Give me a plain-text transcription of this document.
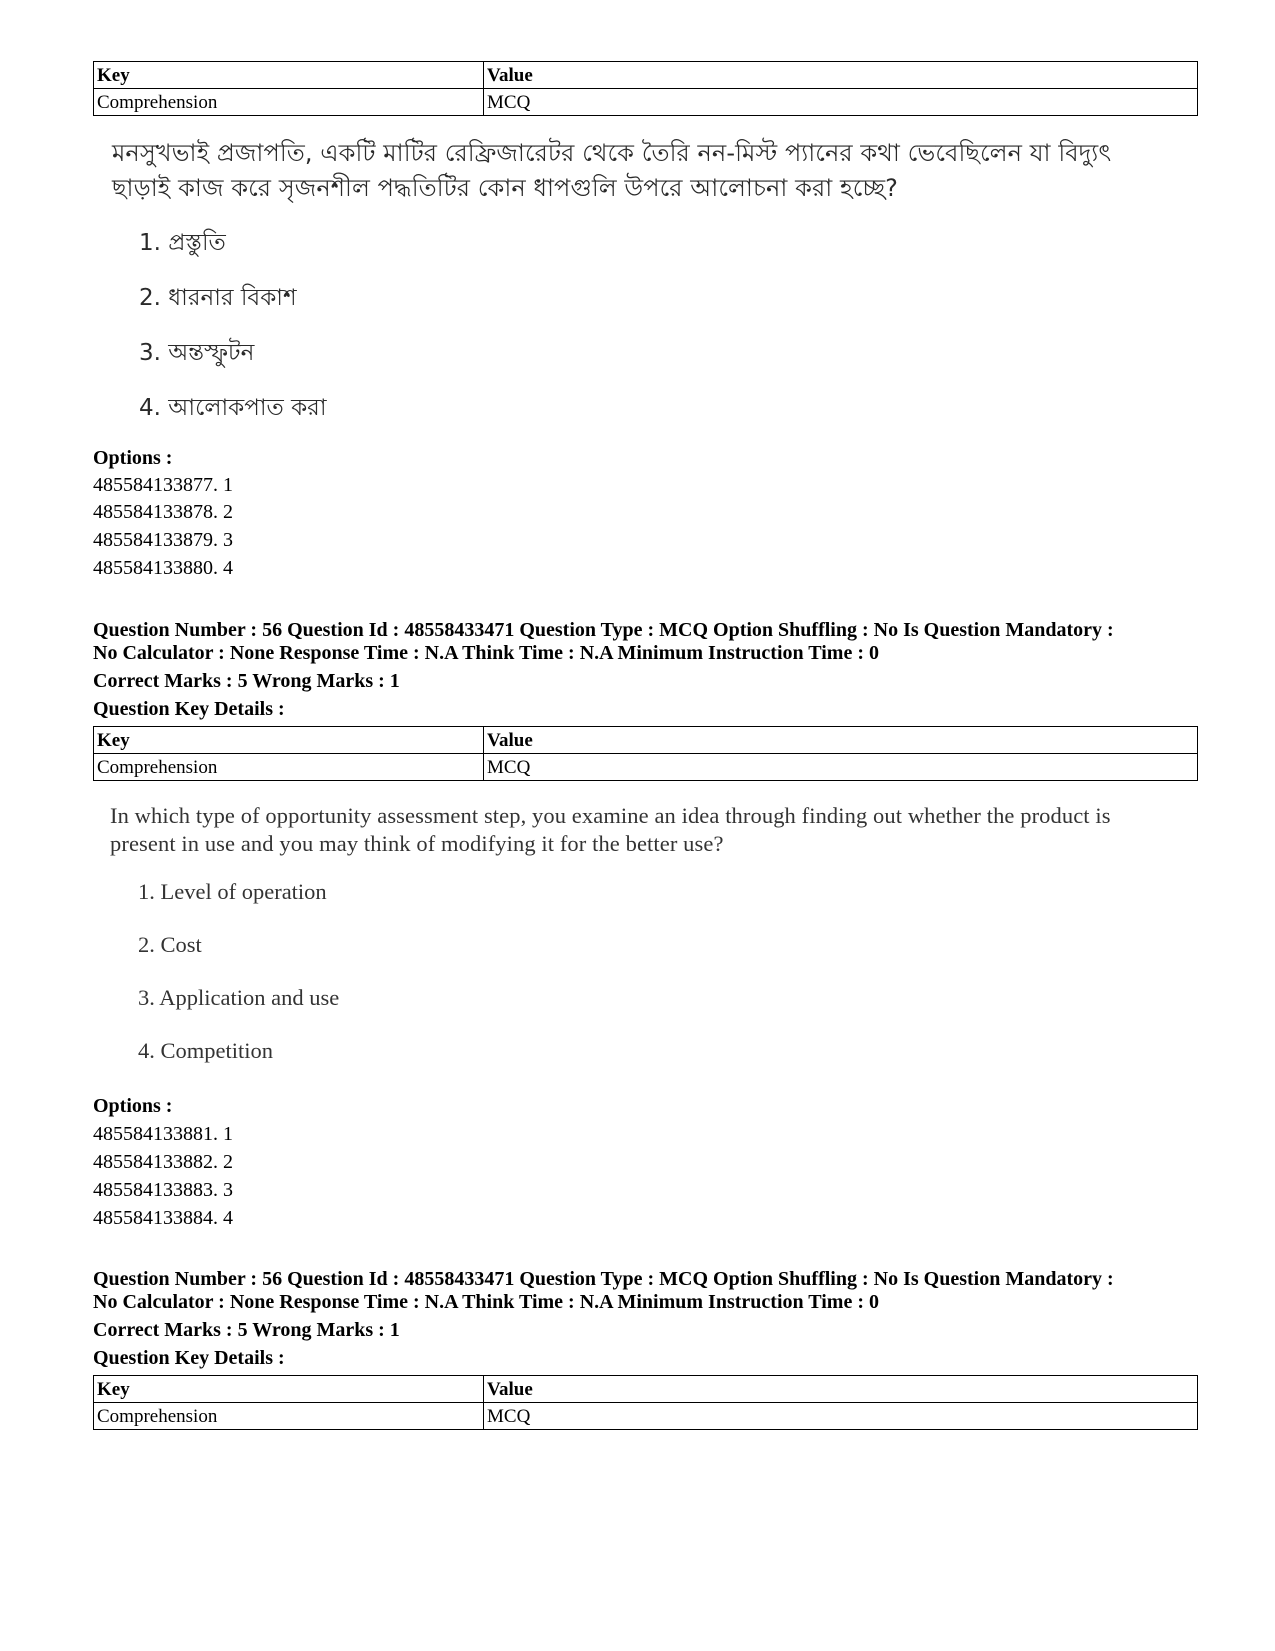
Key	Value
Comprehension	MCQ
মনসুখভাই প্রজাপতি, একটি মাটির রেফ্রিজারেটর থেকে তৈরি নন-মিস্ট প্যানের কথা ভেবেছিলেন যা বিদ্যুৎ
ছাড়াই কাজ করে সৃজনশীল পদ্ধতিটির কোন ধাপগুলি উপরে আলোচনা করা হচ্ছে?
1. প্রস্তুতি
2. ধারনার বিকাশ
3. অন্তস্ফুটন
4. আলোকপাত করা
Options :
485584133877. 1
485584133878. 2
485584133879. 3
485584133880. 4
Question Number : 56 Question Id : 48558433471 Question Type : MCQ Option Shuffling : No Is Question Mandatory :
No Calculator : None Response Time : N.A Think Time : N.A Minimum Instruction Time : 0
Correct Marks : 5 Wrong Marks : 1
Question Key Details :
Key	Value
Comprehension	MCQ
In which type of opportunity assessment step, you examine an idea through finding out whether the product is
present in use and you may think of modifying it for the better use?
1. Level of operation
2. Cost
3. Application and use
4. Competition
Options :
485584133881. 1
485584133882. 2
485584133883. 3
485584133884. 4
Question Number : 56 Question Id : 48558433471 Question Type : MCQ Option Shuffling : No Is Question Mandatory :
No Calculator : None Response Time : N.A Think Time : N.A Minimum Instruction Time : 0
Correct Marks : 5 Wrong Marks : 1
Question Key Details :
Key	Value
Comprehension	MCQ
